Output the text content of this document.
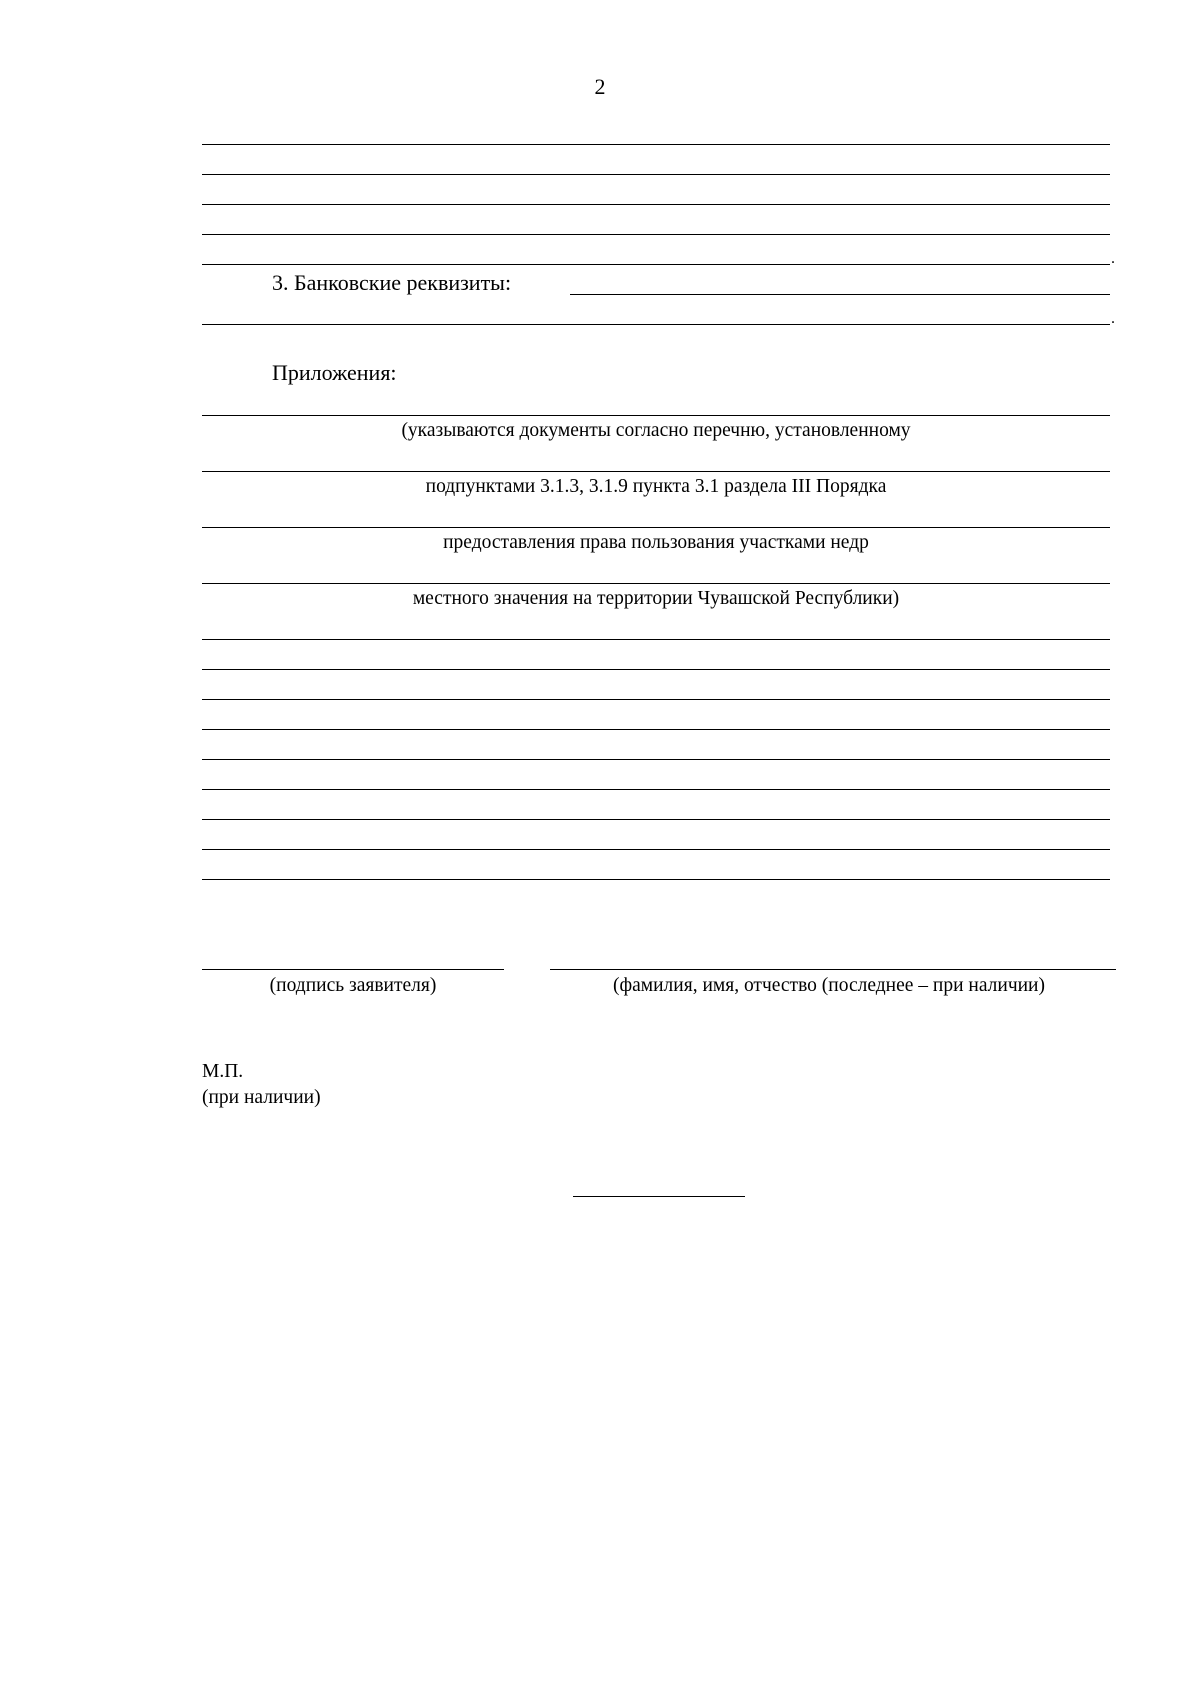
2
.
3. Банковские реквизиты:
.
Приложения:
(указываются документы согласно перечню, установленному
подпунктами 3.1.3, 3.1.9 пункта 3.1 раздела III Порядка
предоставления права пользования участками недр
местного значения на территории Чувашской Республики)
(подпись заявителя)	(фамилия, имя, отчество (последнее – при наличии)
М.П.
(при наличии)
